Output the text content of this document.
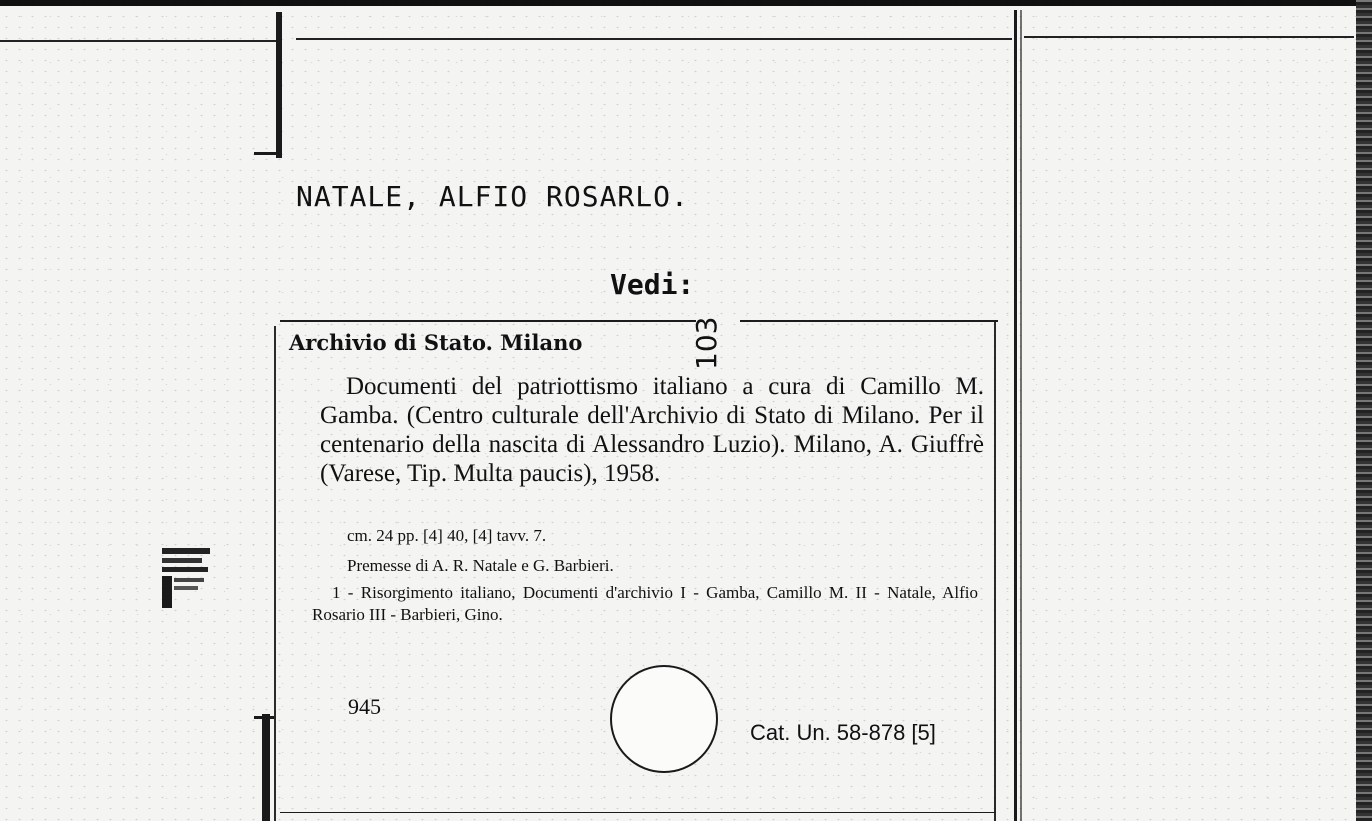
NATALE, ALFIO ROSARLO.
Vedi:
103
Archivio di Stato. Milano
Documenti del patriottismo italiano a cura di Camillo M. Gamba. (Centro culturale dell'Archivio di Stato di Milano. Per il centenario della nascita di Alessandro Luzio). Milano, A. Giuffrè (Varese, Tip. Multa paucis), 1958.
cm. 24 pp. [4] 40, [4] tavv. 7.
Premesse di A. R. Natale e G. Barbieri.
1 - Risorgimento italiano, Documenti d'archivio I - Gamba, Camillo M. II - Natale, Alfio Rosario III - Barbieri, Gino.
945
Cat. Un. 58-878 [5]
